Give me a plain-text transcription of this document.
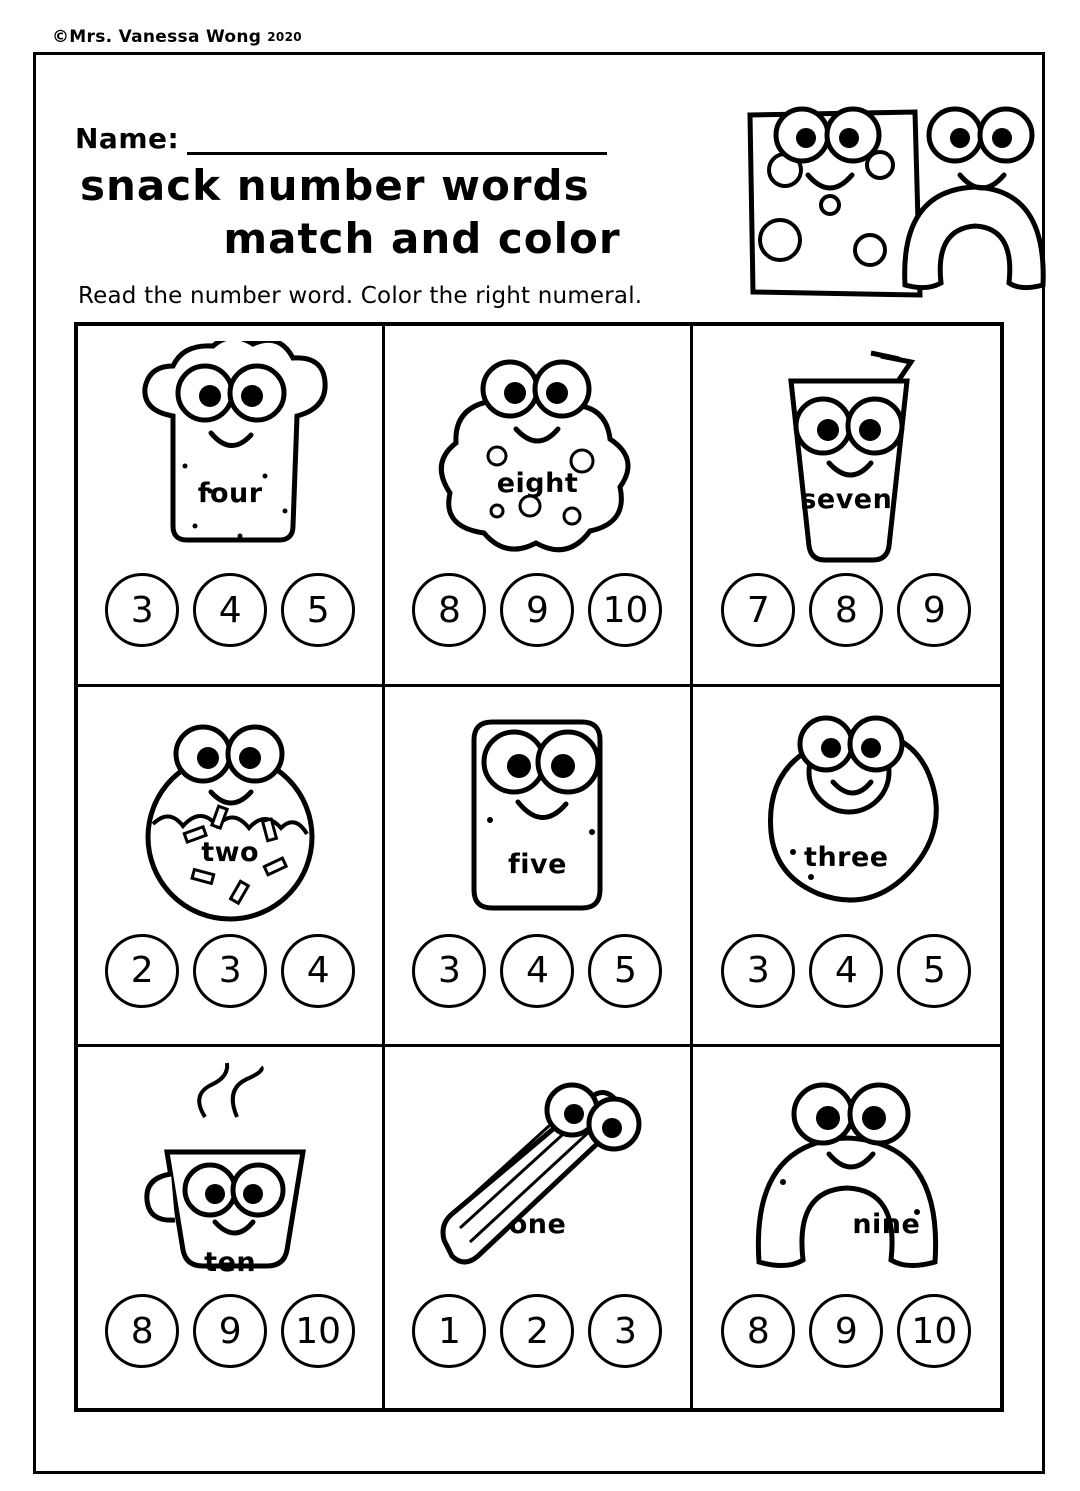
©Mrs. Vanessa Wong 2020
Name:
snack number words
match and color
Read the number word. Color the right numeral.
four
3	4	5
eight
8	9	10
seven
7	8	9
two
2	3	4
five
3	4	5
three
3	4	5
ten
8	9	10
one
1	2	3
nine
8	9	10
